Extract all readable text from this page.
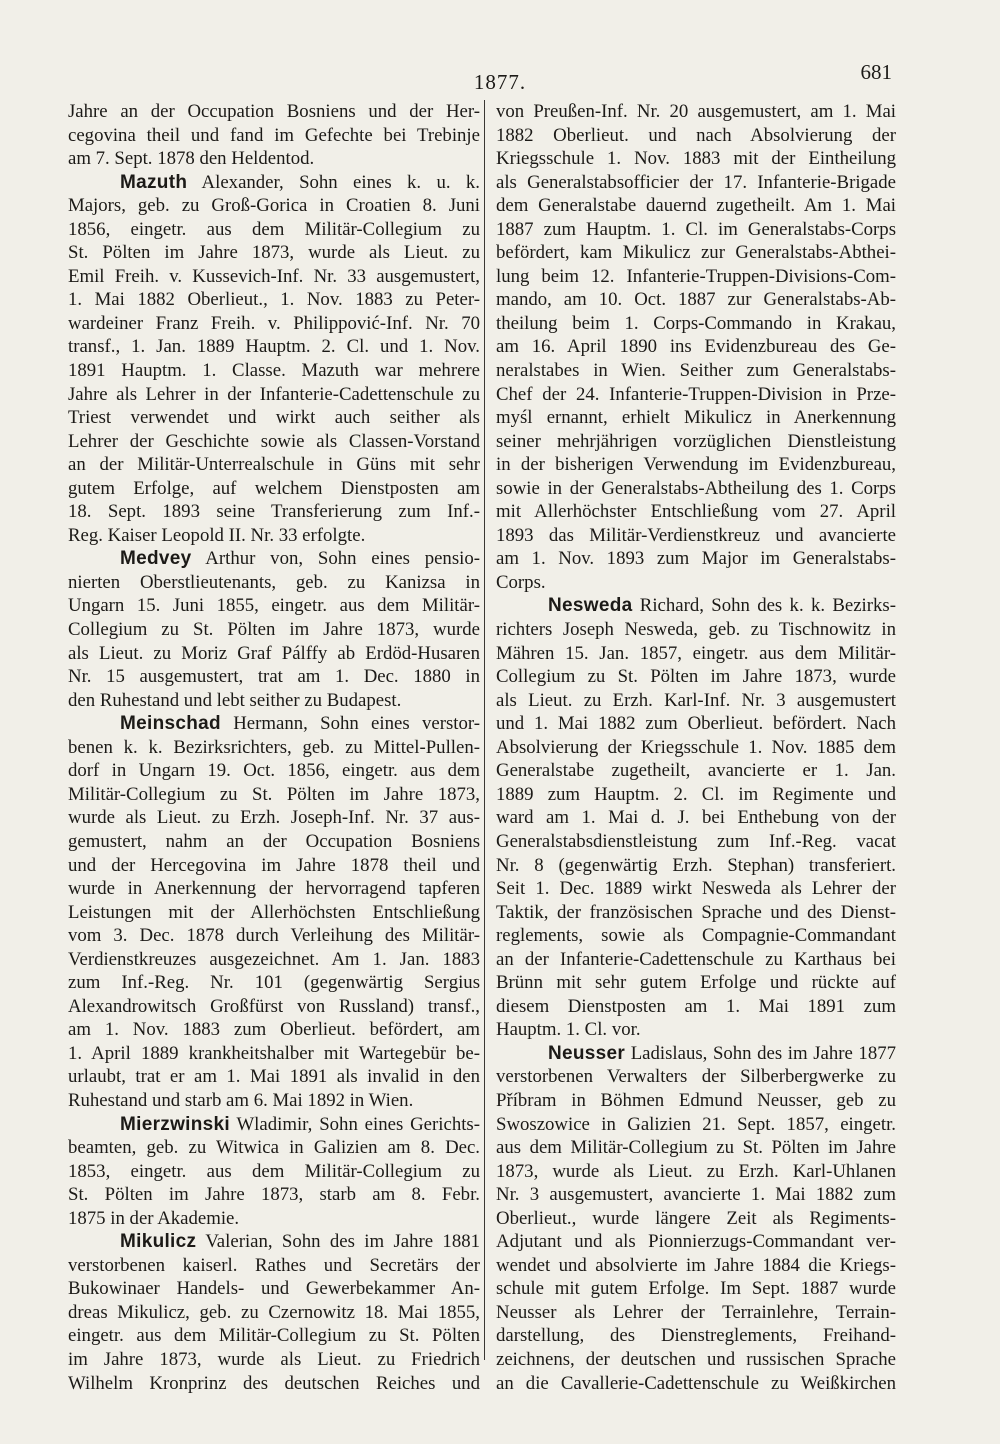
1877.	681
Jahre an der Occupation Bosniens und der Her-
cegovina theil und fand im Gefechte bei Trebinje
am 7. Sept. 1878 den Heldentod.
Mazuth Alexander, Sohn eines k. u. k.
Majors, geb. zu Groß-Gorica in Croatien 8. Juni
1856, eingetr. aus dem Militär-Collegium zu
St. Pölten im Jahre 1873, wurde als Lieut. zu
Emil Freih. v. Kussevich-Inf. Nr. 33 ausgemustert,
1. Mai 1882 Oberlieut., 1. Nov. 1883 zu Peter-
wardeiner Franz Freih. v. Philippović-Inf. Nr. 70
transf., 1. Jan. 1889 Hauptm. 2. Cl. und 1. Nov.
1891 Hauptm. 1. Classe. Mazuth war mehrere
Jahre als Lehrer in der Infanterie-Cadettenschule zu
Triest verwendet und wirkt auch seither als
Lehrer der Geschichte sowie als Classen-Vorstand
an der Militär-Unterrealschule in Güns mit sehr
gutem Erfolge, auf welchem Dienstposten am
18. Sept. 1893 seine Transferierung zum Inf.-
Reg. Kaiser Leopold II. Nr. 33 erfolgte.
Medvey Arthur von, Sohn eines pensio-
nierten Oberstlieutenants, geb. zu Kanizsa in
Ungarn 15. Juni 1855, eingetr. aus dem Militär-
Collegium zu St. Pölten im Jahre 1873, wurde
als Lieut. zu Moriz Graf Pálffy ab Erdöd-Husaren
Nr. 15 ausgemustert, trat am 1. Dec. 1880 in
den Ruhestand und lebt seither zu Budapest.
Meinschad Hermann, Sohn eines verstor-
benen k. k. Bezirksrichters, geb. zu Mittel-Pullen-
dorf in Ungarn 19. Oct. 1856, eingetr. aus dem
Militär-Collegium zu St. Pölten im Jahre 1873,
wurde als Lieut. zu Erzh. Joseph-Inf. Nr. 37 aus-
gemustert, nahm an der Occupation Bosniens
und der Hercegovina im Jahre 1878 theil und
wurde in Anerkennung der hervorragend tapferen
Leistungen mit der Allerhöchsten Entschließung
vom 3. Dec. 1878 durch Verleihung des Militär-
Verdienstkreuzes ausgezeichnet. Am 1. Jan. 1883
zum Inf.-Reg. Nr. 101 (gegenwärtig Sergius
Alexandrowitsch Großfürst von Russland) transf.,
am 1. Nov. 1883 zum Oberlieut. befördert, am
1. April 1889 krankheitshalber mit Wartegebür be-
urlaubt, trat er am 1. Mai 1891 als invalid in den
Ruhestand und starb am 6. Mai 1892 in Wien.
Mierzwinski Wladimir, Sohn eines Gerichts-
beamten, geb. zu Witwica in Galizien am 8. Dec.
1853, eingetr. aus dem Militär-Collegium zu
St. Pölten im Jahre 1873, starb am 8. Febr.
1875 in der Akademie.
Mikulicz Valerian, Sohn des im Jahre 1881
verstorbenen kaiserl. Rathes und Secretärs der
Bukowinaer Handels- und Gewerbekammer An-
dreas Mikulicz, geb. zu Czernowitz 18. Mai 1855,
eingetr. aus dem Militär-Collegium zu St. Pölten
im Jahre 1873, wurde als Lieut. zu Friedrich
Wilhelm Kronprinz des deutschen Reiches und
von Preußen-Inf. Nr. 20 ausgemustert, am 1. Mai
1882 Oberlieut. und nach Absolvierung der
Kriegsschule 1. Nov. 1883 mit der Eintheilung
als Generalstabsofficier der 17. Infanterie-Brigade
dem Generalstabe dauernd zugetheilt. Am 1. Mai
1887 zum Hauptm. 1. Cl. im Generalstabs-Corps
befördert, kam Mikulicz zur Generalstabs-Abthei-
lung beim 12. Infanterie-Truppen-Divisions-Com-
mando, am 10. Oct. 1887 zur Generalstabs-Ab-
theilung beim 1. Corps-Commando in Krakau,
am 16. April 1890 ins Evidenzbureau des Ge-
neralstabes in Wien. Seither zum Generalstabs-
Chef der 24. Infanterie-Truppen-Division in Prze-
myśl ernannt, erhielt Mikulicz in Anerkennung
seiner mehrjährigen vorzüglichen Dienstleistung
in der bisherigen Verwendung im Evidenzbureau,
sowie in der Generalstabs-Abtheilung des 1. Corps
mit Allerhöchster Entschließung vom 27. April
1893 das Militär-Verdienstkreuz und avancierte
am 1. Nov. 1893 zum Major im Generalstabs-
Corps.
Nesweda Richard, Sohn des k. k. Bezirks-
richters Joseph Nesweda, geb. zu Tischnowitz in
Mähren 15. Jan. 1857, eingetr. aus dem Militär-
Collegium zu St. Pölten im Jahre 1873, wurde
als Lieut. zu Erzh. Karl-Inf. Nr. 3 ausgemustert
und 1. Mai 1882 zum Oberlieut. befördert. Nach
Absolvierung der Kriegsschule 1. Nov. 1885 dem
Generalstabe zugetheilt, avancierte er 1. Jan.
1889 zum Hauptm. 2. Cl. im Regimente und
ward am 1. Mai d. J. bei Enthebung von der
Generalstabsdienstleistung zum Inf.-Reg. vacat
Nr. 8 (gegenwärtig Erzh. Stephan) transferiert.
Seit 1. Dec. 1889 wirkt Nesweda als Lehrer der
Taktik, der französischen Sprache und des Dienst-
reglements, sowie als Compagnie-Commandant
an der Infanterie-Cadettenschule zu Karthaus bei
Brünn mit sehr gutem Erfolge und rückte auf
diesem Dienstposten am 1. Mai 1891 zum
Hauptm. 1. Cl. vor.
Neusser Ladislaus, Sohn des im Jahre 1877
verstorbenen Verwalters der Silberbergwerke zu
Příbram in Böhmen Edmund Neusser, geb zu
Swoszowice in Galizien 21. Sept. 1857, eingetr.
aus dem Militär-Collegium zu St. Pölten im Jahre
1873, wurde als Lieut. zu Erzh. Karl-Uhlanen
Nr. 3 ausgemustert, avancierte 1. Mai 1882 zum
Oberlieut., wurde längere Zeit als Regiments-
Adjutant und als Pionnierzugs-Commandant ver-
wendet und absolvierte im Jahre 1884 die Kriegs-
schule mit gutem Erfolge. Im Sept. 1887 wurde
Neusser als Lehrer der Terrainlehre, Terrain-
darstellung, des Dienstreglements, Freihand-
zeichnens, der deutschen und russischen Sprache
an die Cavallerie-Cadettenschule zu Weißkirchen
